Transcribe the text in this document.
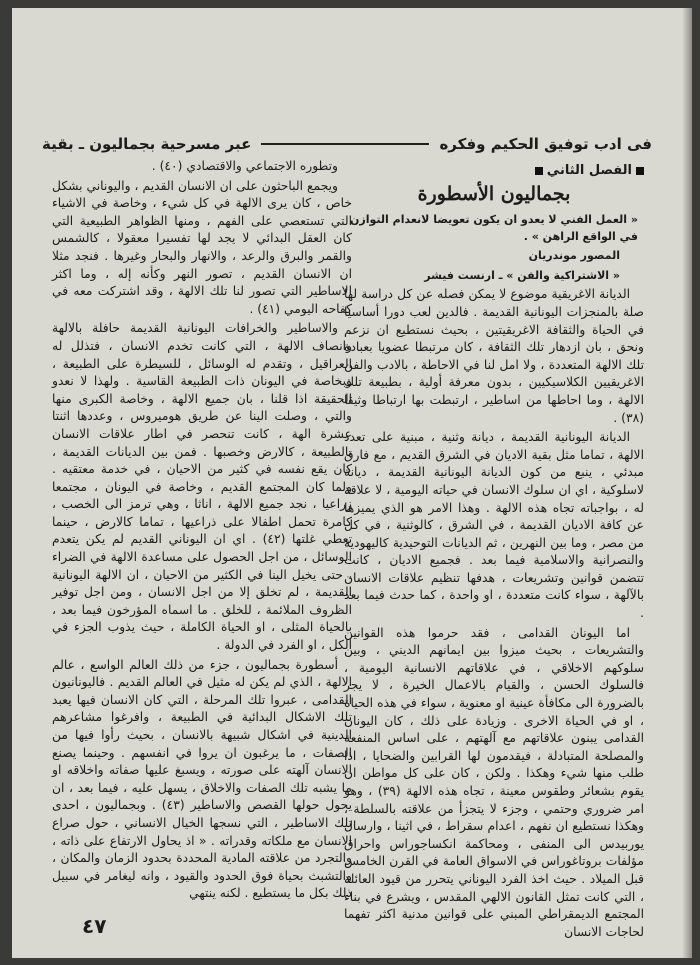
فى ادب توفيق الحكيم وفكره
عبر مسرحية بجماليون ـ بقية
الفصل الثاني
بجماليون الأسطورة
« العمل الفني لا يعدو ان يكون تعويضا لانعدام التوازن في الواقع الراهن » .
المصور موندريان
« الاشتراكية والفن » ـ ارنست فيشر

الديانة الاغريقية موضوع لا يمكن فصله عن كل دراسة لها صلة بالمنجزات اليونانية القديمة . فالدين لعب دورا أساسيا في الحياة والثقافة الاغريقيتين ، بحيث نستطيع ان نزعم ونحق ، بان ازدهار تلك الثقافة ، كان مرتبطا عضويا بعبادة تلك الالهة المتعددة ، ولا امل لنا في الاحاطة ، بالادب والفن الاغريقيين الكلاسيكيين ، بدون معرفة أولية ، بطبيعة تلك الالهة ، وما احاطها من اساطير ، ارتبطت بها ارتباطا وثيقا (٣٨) .

الديانة اليونانية القديمة ، ديانة وثنية ، مبنية على تعدد الالهة ، تماما مثل بقية الاديان في الشرق القديم ، مع فارق مبدئي ، ينبع من كون الديانة اليونانية القديمة ، ديانة لاسلوكية ، اي ان سلوك الانسان في حياته اليومية ، لا علاقة له ، بواجباته تجاه هذه الالهة . وهذا الامر هو الذي يميزها عن كافة الاديان القديمة ، في الشرق ، كالوثنية ، في كل من مصر ، وما بين النهرين ، ثم الديانات التوحيدية كاليهودية والنصرانية والاسلامية فيما بعد . فجميع الاديان ، كانت تتضمن قوانين وتشريعات ، هدفها تنظيم علاقات الانسان بالآلهة ، سواء كانت متعددة ، او واحدة ، كما حدث فيما بعد .

اما اليونان القدامى ، فقد حرموا هذه القوانين والتشريعات ، بحيث ميزوا بين ايمانهم الديني ، وبين سلوكهم الاخلاقي ، في علاقاتهم الانسانية اليومية ، فالسلوك الحسن ، والقيام بالاعمال الخيرة ، لا يجر بالضرورة الى مكافأة عينية او معنوية ، سواء في هذه الحياة ، او في الحياة الاخرى . وزيادة على ذلك ، كان اليونان القدامى يبنون علاقاتهم مع آلهتهم ، على اساس المنفعة والمصلحة المتبادلة ، فيقدمون لها القرابين والضحايا ، اذا طلب منها شيء وهكذا . ولكن ، كان على كل مواطن ان يقوم بشعائر وطقوس معينة ، تجاه هذه الالهة (٣٩) ، وهو امر ضروري وحتمي ، وجزء لا يتجزأ من علاقته بالسلطة ، وهكذا نستطيع ان نفهم ، اعدام سقراط ، في اثينا ، وارسال يوربيدس الى المنفى ، ومحاكمة انكساجوراس واحراق مؤلفات بروتاغوراس في الاسواق العامة في القرن الخامس قبل الميلاد . حيث اخذ الفرد اليوناني يتحرر من قيود العائلة ، التي كانت تمثل القانون الالهي المقدس ، ويشرع في بناء المجتمع الديمقراطي المبني على قوانين مدنية اكثر تفهما لحاجات الانسان

وتطوره الاجتماعي والاقتصادي (٤٠) .

ويجمع الباحثون على ان الانسان القديم ، واليوناني بشكل خاص ، كان يرى الالهة في كل شيء ، وخاصة في الاشياء التي تستعصي على الفهم ، ومنها الظواهر الطبيعية التي كان العقل البدائي لا يجد لها تفسيرا معقولا ، كالشمس والقمر والبرق والرعد ، والانهار والبحار وغيرها . فنجد مثلا ان الانسان القديم ، تصور النهر وكأنه إله ، وما اكثر الاساطير التي تصور لنا تلك الالهة ، وقد اشتركت معه في كفاحه اليومي (٤١) .

والاساطير والخرافات اليونانية القديمة حافلة بالالهة وانصاف الالهة ، التي كانت تخدم الانسان ، فتذلل له العراقيل ، وتقدم له الوسائل ، للسيطرة على الطبيعة ، وبخاصة في اليونان ذات الطبيعة القاسية . ولهذا لا نعدو الحقيقة اذا قلنا ، بان جميع الالهة ، وخاصة الكبرى منها والتي ، وصلت الينا عن طريق هوميروس ، وعددها اثنتا عشرة الهة ، كانت تنحصر في اطار علاقات الانسان بالطبيعة ، كالارض وخصبها . فمن بين الديانات القديمة ، كان يقع نفسه في كثير من الاحيان ، في خدمة معتقيه . ولما كان المجتمع القديم ، وخاصة في اليونان ، مجتمعا زراعيا ، نجد جميع الالهة ، اناثا ، وهي ترمز الى الخصب ، كامرة تحمل اطفالا على ذراعيها ، تماما كالارض ، حينما تعطي غلتها (٤٢) . اي ان اليوناني القديم لم يكن يتعدم الوسائل ، من اجل الحصول على مساعدة الالهة في الضراء ، حتى يخيل الينا في الكثير من الاحيان ، ان الالهة اليونانية القديمة ، لم تخلق إلا من اجل الانسان ، ومن اجل توفير الظروف الملائمة ، للخلق . ما اسماه المؤرخون فيما بعد ، بالحياة المثلى ، او الحياة الكاملة ، حيث يذوب الجزء في الكل ، او الفرد في الدولة .

أسطورة بجماليون ، جزء من ذلك العالم الواسع ، عالم الالهة ، الذي لم يكن له مثيل في العالم القديم . فاليونانيون القدامى ، عبروا تلك المرحلة ، التي كان الانسان فيها يعبد تلك الاشكال البدائية في الطبيعة ، وافرغوا مشاعرهم الدينية في اشكال شبيهة بالانسان ، بحيث رأوا فيها من الصفات ، ما يرغبون ان يروا في انفسهم . وحينما يصنع الانسان آلهته على صورته ، ويسبغ عليها صفاته واخلاقه او ما يشبه تلك الصفات والاخلاق ، يسهل عليه ، فيما بعد ، ان يحول حولها القصص والاساطير (٤٣) . وبجماليون ، احدى تلك الاساطير ، التي نسجها الخيال الانساني ، حول صراع الانسان مع ملكاته وقدراته . « اذ يحاول الارتفاع على ذاته ، والتجرد من علاقته المادية المحددة بحدود الزمان والمكان ، والتشبث بحياة فوق الحدود والقيود ، وانه ليغامر في سبيل ذلك بكل ما يستطيع . لكنه ينتهي

٤٧
